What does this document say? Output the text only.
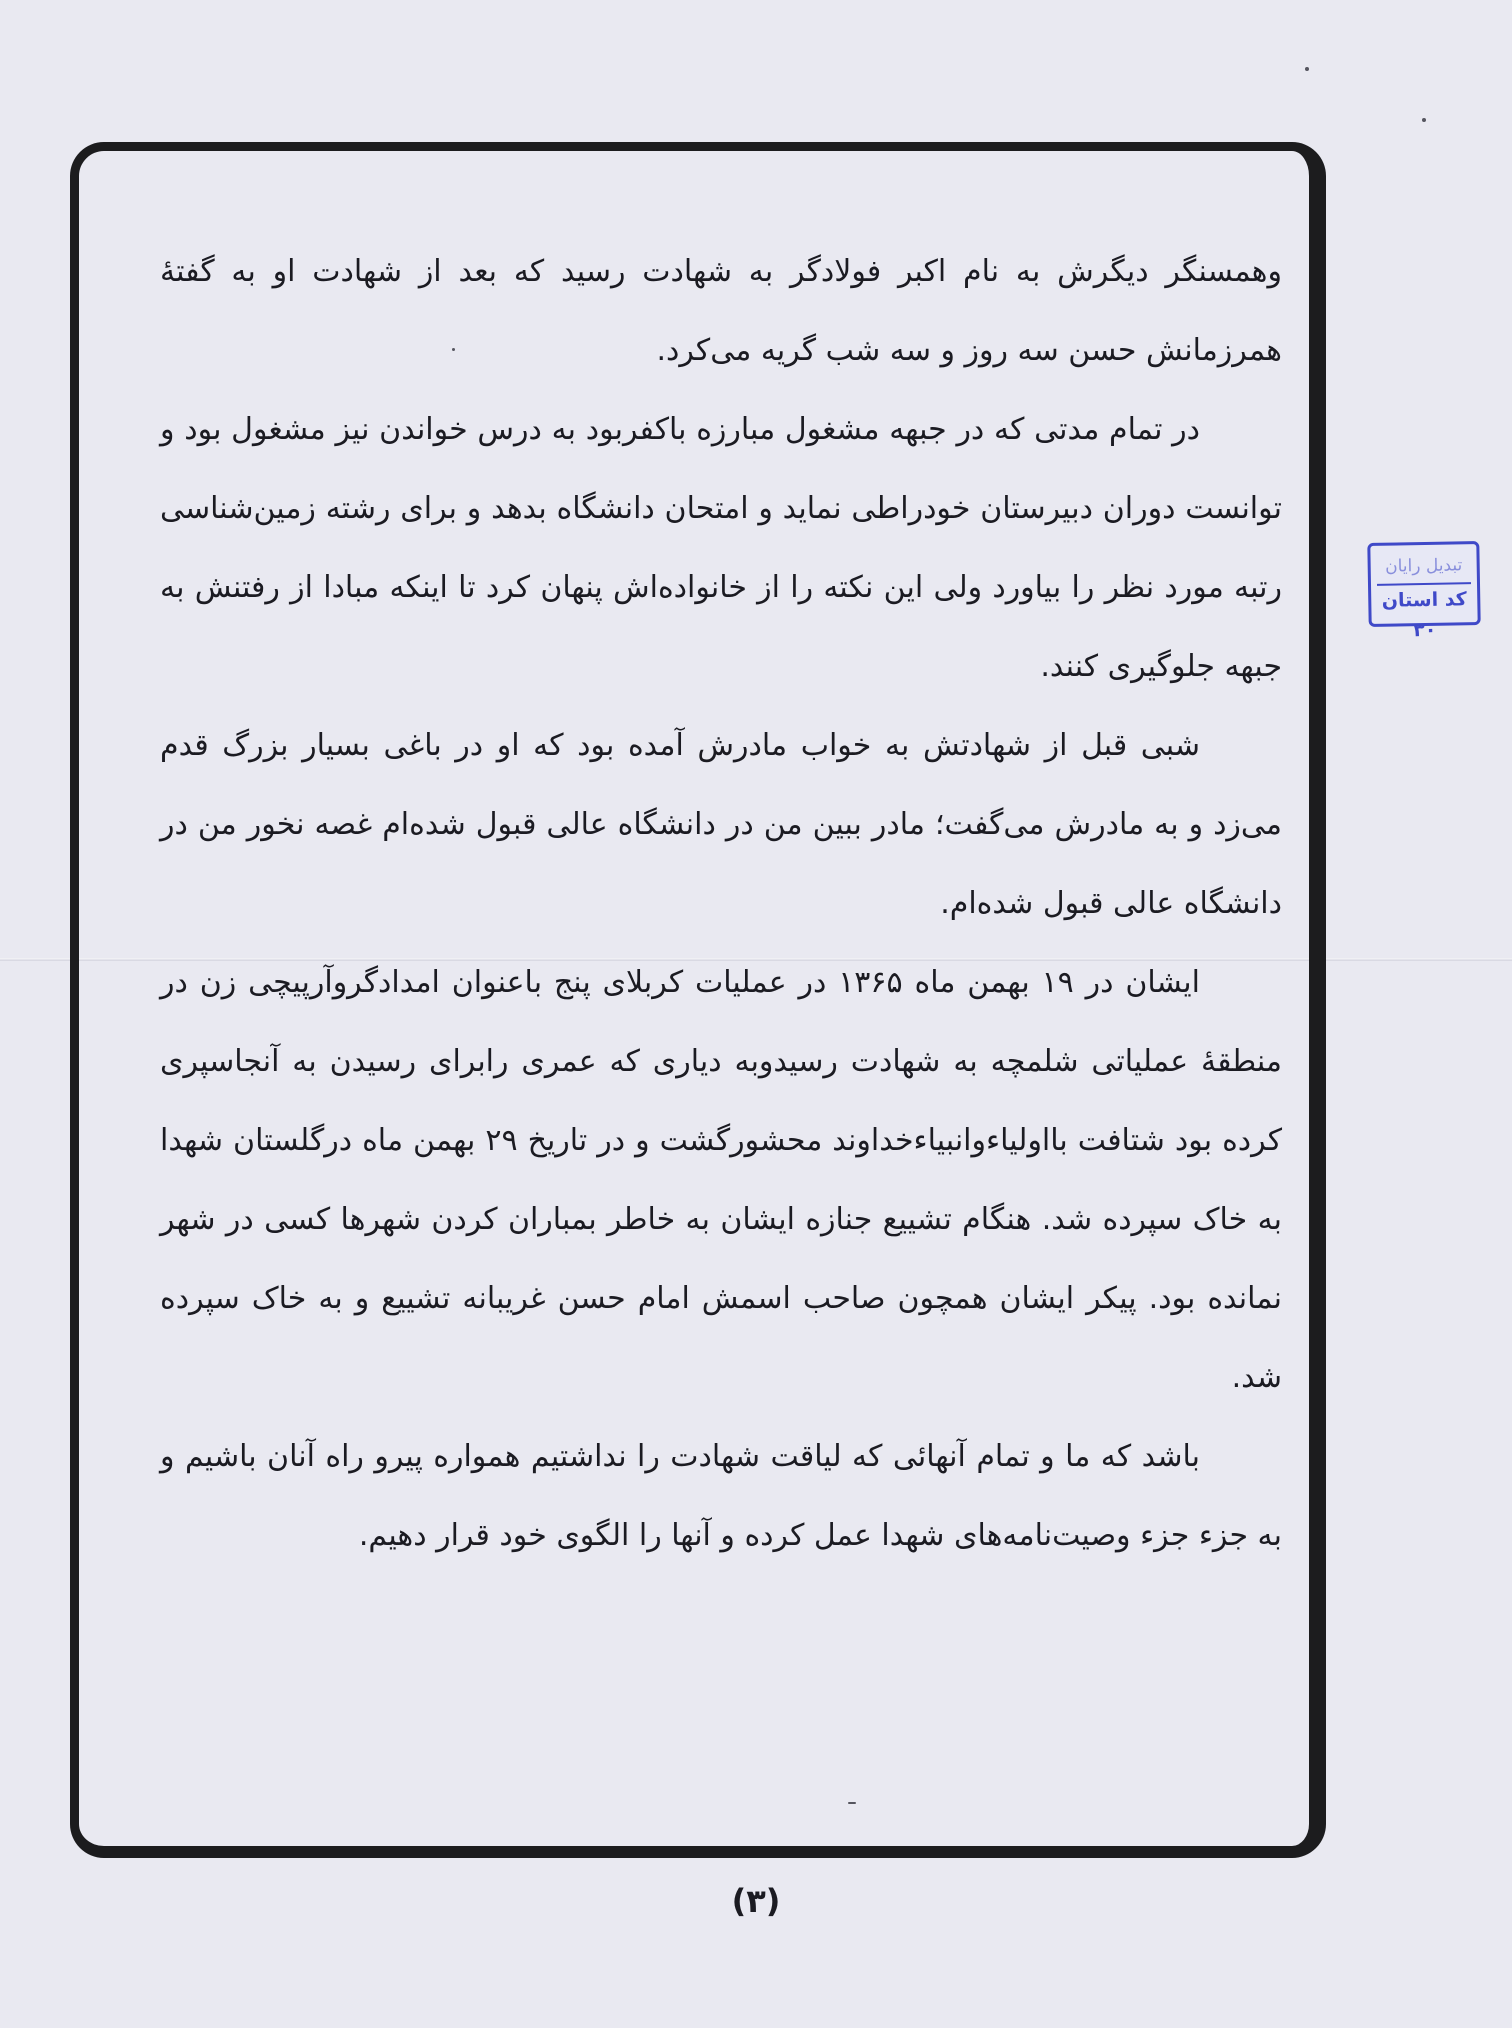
وهمسنگر دیگرش به نام اکبر فولادگر به شهادت رسید که بعد از شهادت او به گفتهٔ همرزمانش حسن سه روز و سه شب گریه می‌کرد.

در تمام مدتی که در جبهه مشغول مبارزه باکفربود به درس خواندن نیز مشغول بود و توانست دوران دبیرستان خودراطی نماید و امتحان دانشگاه بدهد و برای رشته زمین‌شناسی رتبه مورد نظر را بیاورد ولی این نکته را از خانواده‌اش پنهان کرد تا اینکه مبادا از رفتنش به جبهه جلوگیری کنند.

شبی قبل از شهادتش به خواب مادرش آمده بود که او در باغی بسیار بزرگ قدم می‌زد و به مادرش می‌گفت؛ مادر ببین من در دانشگاه عالی قبول شده‌ام غصه نخور من در دانشگاه عالی قبول شده‌ام.

ایشان در ۱۹ بهمن ماه ۱۳۶۵ در عملیات کربلای پنج باعنوان امدادگروآرپیچی زن در منطقهٔ عملیاتی شلمچه به شهادت رسیدوبه دیاری که عمری رابرای رسیدن به آنجاسپری کرده بود شتافت بااولیاءوانبیاءخداوند محشورگشت و در تاریخ ۲۹ بهمن ماه درگلستان شهدا به خاک سپرده شد. هنگام تشییع جنازه ایشان به خاطر بمباران کردن شهرها کسی در شهر نمانده بود. پیکر ایشان همچون صاحب اسمش امام حسن غریبانه تشییع و به خاک سپرده شد.

باشد که ما و تمام آنهائی که لیاقت شهادت را نداشتیم همواره پیرو راه آنان باشیم و به جزء جزء وصیت‌نامه‌های شهدا عمل کرده و آنها را الگوی خود قرار دهیم.

تبدیل رایان
کد استان ۳۰
(۳)
